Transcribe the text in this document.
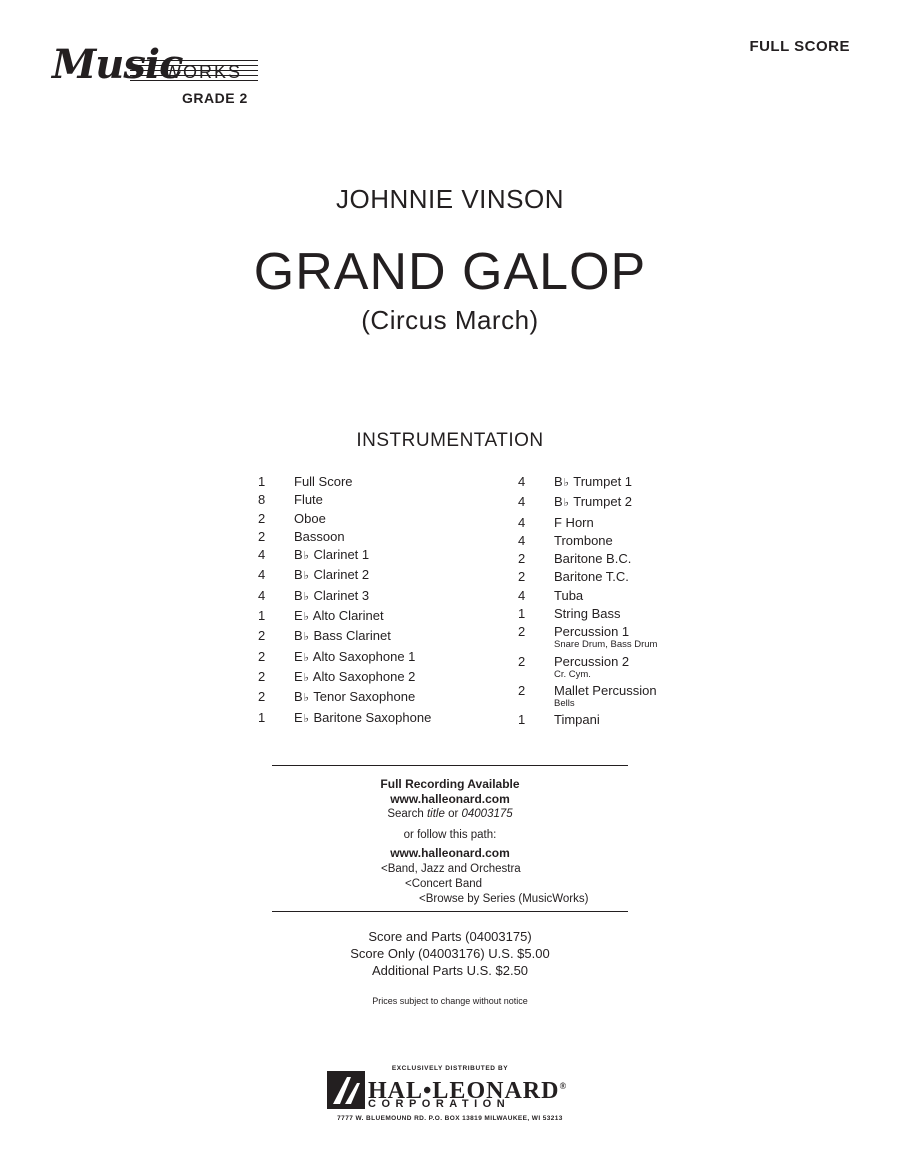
Music
WORKS
GRADE 2
FULL SCORE
JOHNNIE VINSON
GRAND GALOP
(Circus March)
INSTRUMENTATION
1	Full Score
8	Flute
2	Oboe
2	Bassoon
4	B♭ Clarinet 1
4	B♭ Clarinet 2
4	B♭ Clarinet 3
1	E♭ Alto Clarinet
2	B♭ Bass Clarinet
2	E♭ Alto Saxophone 1
2	E♭ Alto Saxophone 2
2	B♭ Tenor Saxophone
1	E♭ Baritone Saxophone
4	B♭ Trumpet 1
4	B♭ Trumpet 2
4	F Horn
4	Trombone
2	Baritone B.C.
2	Baritone T.C.
4	Tuba
1	String Bass
2	Percussion 1
Snare Drum, Bass Drum
2	Percussion 2
Cr. Cym.
2	Mallet Percussion
Bells
1	Timpani
Full Recording Available
www.halleonard.com
Search title or 04003175
or follow this path:
www.halleonard.com
<Band, Jazz and Orchestra
<Concert Band
<Browse by Series (MusicWorks)
Score and Parts (04003175)
Score Only (04003176) U.S. $5.00
Additional Parts U.S. $2.50
Prices subject to change without notice
EXCLUSIVELY DISTRIBUTED BY
HAL•LEONARD®
CORPORATION
7777 W. BLUEMOUND RD. P.O. BOX 13819 MILWAUKEE, WI 53213
